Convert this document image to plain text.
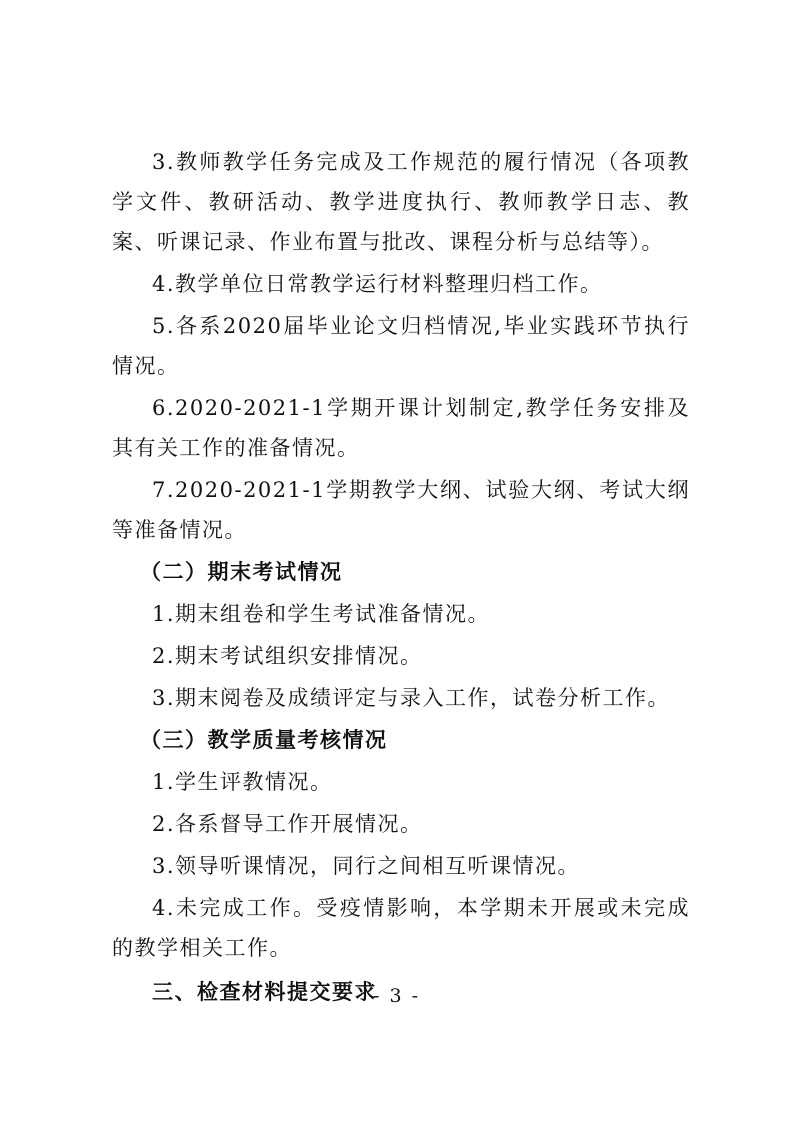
3.教师教学任务完成及工作规范的履行情况（各项教学文件、教研活动、教学进度执行、教师教学日志、教案、听课记录、作业布置与批改、课程分析与总结等）。

4.教学单位日常教学运行材料整理归档工作。

5.各系2020届毕业论文归档情况,毕业实践环节执行情况。

6.2020-2021-1学期开课计划制定,教学任务安排及其有关工作的准备情况。

7.2020-2021-1学期教学大纲、试验大纲、考试大纲等准备情况。

（二）期末考试情况

1.期末组卷和学生考试准备情况。

2.期末考试组织安排情况。

3.期末阅卷及成绩评定与录入工作，试卷分析工作。

（三）教学质量考核情况

1.学生评教情况。

2.各系督导工作开展情况。

3.领导听课情况，同行之间相互听课情况。

4.未完成工作。受疫情影响，本学期未开展或未完成的教学相关工作。

三、检查材料提交要求
- 3 -
